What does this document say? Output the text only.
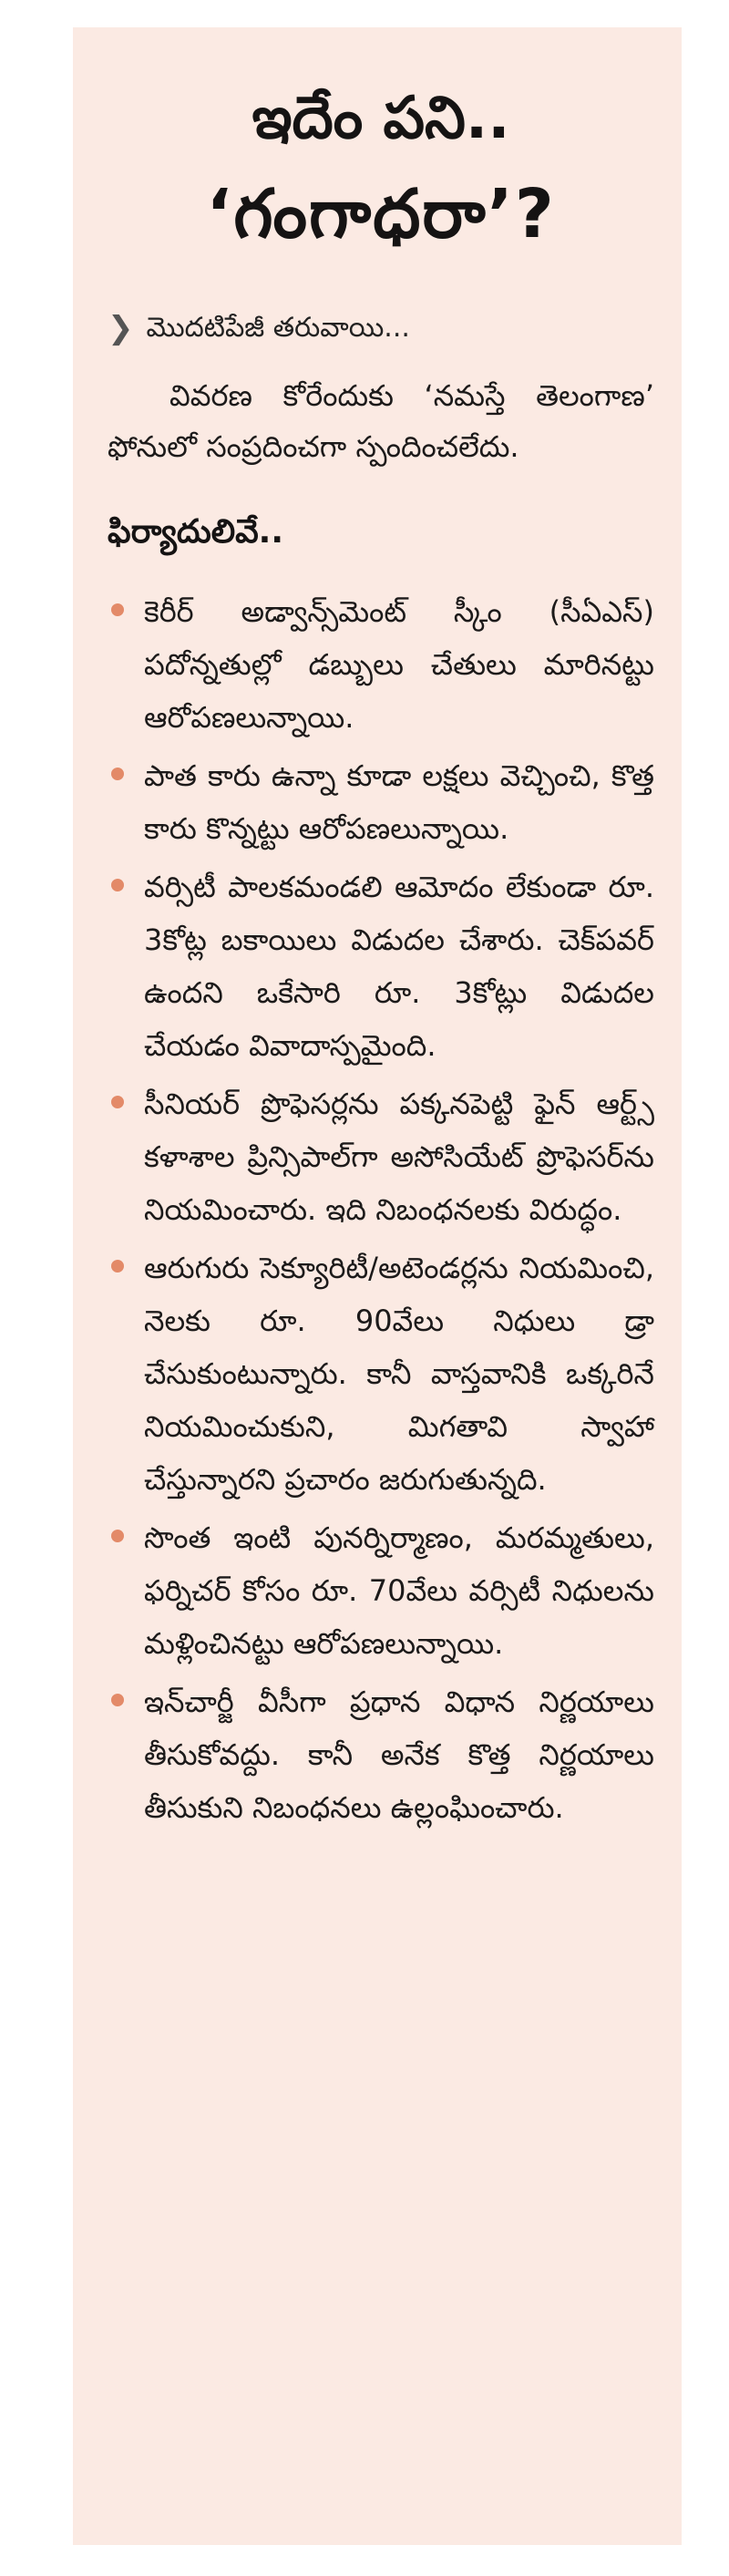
ఇదేం పని..
‘గంగాధరా’?
❯ మొదటిపేజీ తరువాయి...

వివరణ కోరేందుకు ‘నమస్తే తెలంగాణ’ ఫోనులో సంప్రదించగా స్పందించలేదు.

ఫిర్యాదులివే..
కెరీర్ అడ్వాన్స్‌మెంట్ స్కీం (సీఏఎస్) పదోన్నతుల్లో డబ్బులు చేతులు మారినట్టు ఆరోపణలున్నాయి.
పాత కారు ఉన్నా కూడా లక్షలు వెచ్చించి, కొత్త కారు కొన్నట్టు ఆరోపణలున్నాయి.
వర్సిటీ పాలకమండలి ఆమోదం లేకుండా రూ. 3కోట్ల బకాయిలు విడుదల చేశారు. చెక్‌పవర్ ఉందని ఒకేసారి రూ. 3కోట్లు విడుదల చేయడం వివాదాస్పమైంది.
సీనియర్ ప్రొఫెసర్లను పక్కనపెట్టి ఫైన్ ఆర్ట్స్ కళాశాల ప్రిన్సిపాల్‌గా అసోసియేట్ ప్రొఫెసర్‌ను నియమించారు. ఇది నిబంధనలకు విరుద్ధం.
ఆరుగురు సెక్యూరిటీ/అటెండర్లను నియమించి, నెలకు రూ. 90వేలు నిధులు డ్రా చేసుకుంటున్నారు. కానీ వాస్తవానికి ఒక్కరినే నియమించుకుని, మిగతావి స్వాహా చేస్తున్నారని ప్రచారం జరుగుతున్నది.
సొంత ఇంటి పునర్నిర్మాణం, మరమ్మతులు, ఫర్నిచర్ కోసం రూ. 70వేలు వర్సిటీ నిధులను మళ్లించినట్టు ఆరోపణలున్నాయి.
ఇన్‌చార్జీ వీసీగా ప్రధాన విధాన నిర్ణయాలు తీసుకోవద్దు. కానీ అనేక కొత్త నిర్ణయాలు తీసుకుని నిబంధనలు ఉల్లంఘించారు.
